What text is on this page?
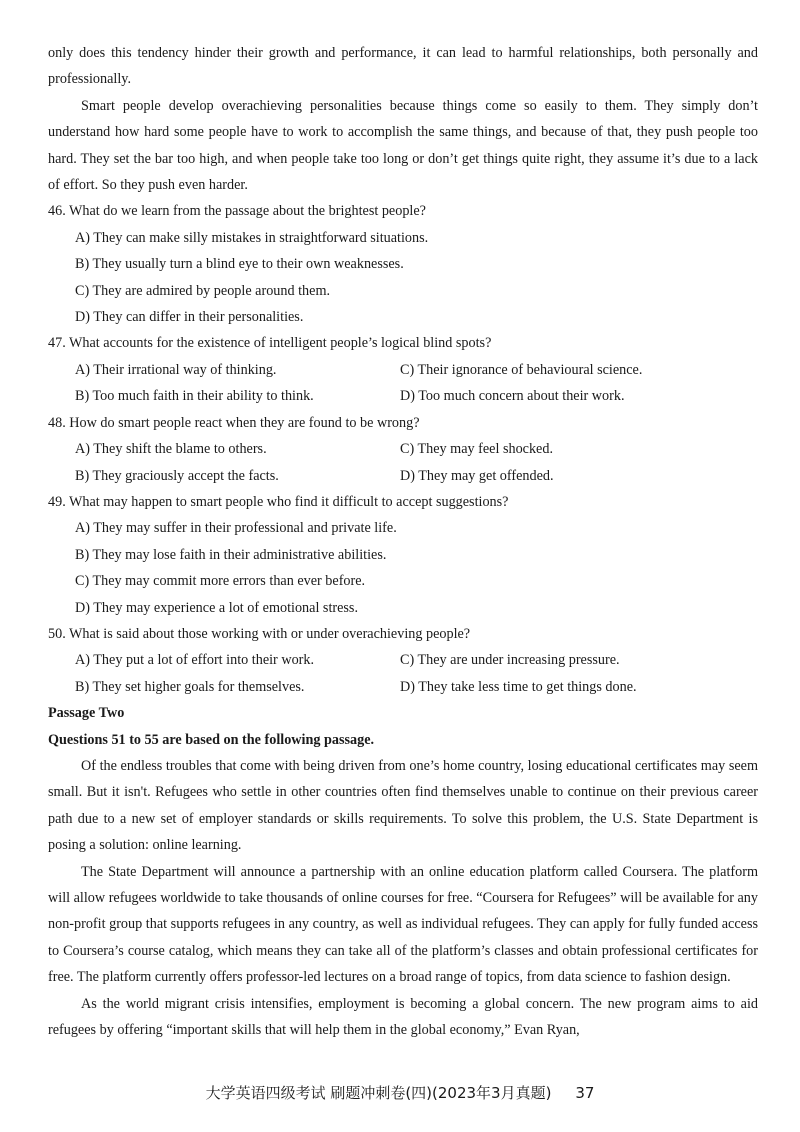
only does this tendency hinder their growth and performance, it can lead to harmful relationships, both personally and professionally.

Smart people develop overachieving personalities because things come so easily to them. They simply don’t understand how hard some people have to work to accomplish the same things, and because of that, they push people too hard. They set the bar too high, and when people take too long or don’t get things quite right, they assume it’s due to a lack of effort. So they push even harder.

46. What do we learn from the passage about the brightest people?

A) They can make silly mistakes in straightforward situations.

B) They usually turn a blind eye to their own weaknesses.

C) They are admired by people around them.

D) They can differ in their personalities.

47. What accounts for the existence of intelligent people’s logical blind spots?

A) Their irrational way of thinking.	C) Their ignorance of behavioural science.
B) Too much faith in their ability to think.	D) Too much concern about their work.

48. How do smart people react when they are found to be wrong?

A) They shift the blame to others.	C) They may feel shocked.
B) They graciously accept the facts.	D) They may get offended.

49. What may happen to smart people who find it difficult to accept suggestions?

A) They may suffer in their professional and private life.

B) They may lose faith in their administrative abilities.

C) They may commit more errors than ever before.

D) They may experience a lot of emotional stress.

50. What is said about those working with or under overachieving people?

A) They put a lot of effort into their work.	C) They are under increasing pressure.
B) They set higher goals for themselves.	D) They take less time to get things done.

Passage Two

Questions 51 to 55 are based on the following passage.

Of the endless troubles that come with being driven from one’s home country, losing educational certificates may seem small. But it isn't. Refugees who settle in other countries often find themselves unable to continue on their previous career path due to a new set of employer standards or skills requirements. To solve this problem, the U.S. State Department is posing a solution: online learning.

The State Department will announce a partnership with an online education platform called Coursera. The platform will allow refugees worldwide to take thousands of online courses for free. “Coursera for Refugees” will be available for any non-profit group that supports refugees in any country, as well as individual refugees. They can apply for fully funded access to Coursera’s course catalog, which means they can take all of the platform’s classes and obtain professional certificates for free. The platform currently offers professor-led lectures on a broad range of topics, from data science to fashion design.

As the world migrant crisis intensifies, employment is becoming a global concern. The new program aims to aid refugees by offering “important skills that will help them in the global economy,” Evan Ryan,

大学英语四级考试 刷题冲刺卷(四)(2023年3月真题) 37
